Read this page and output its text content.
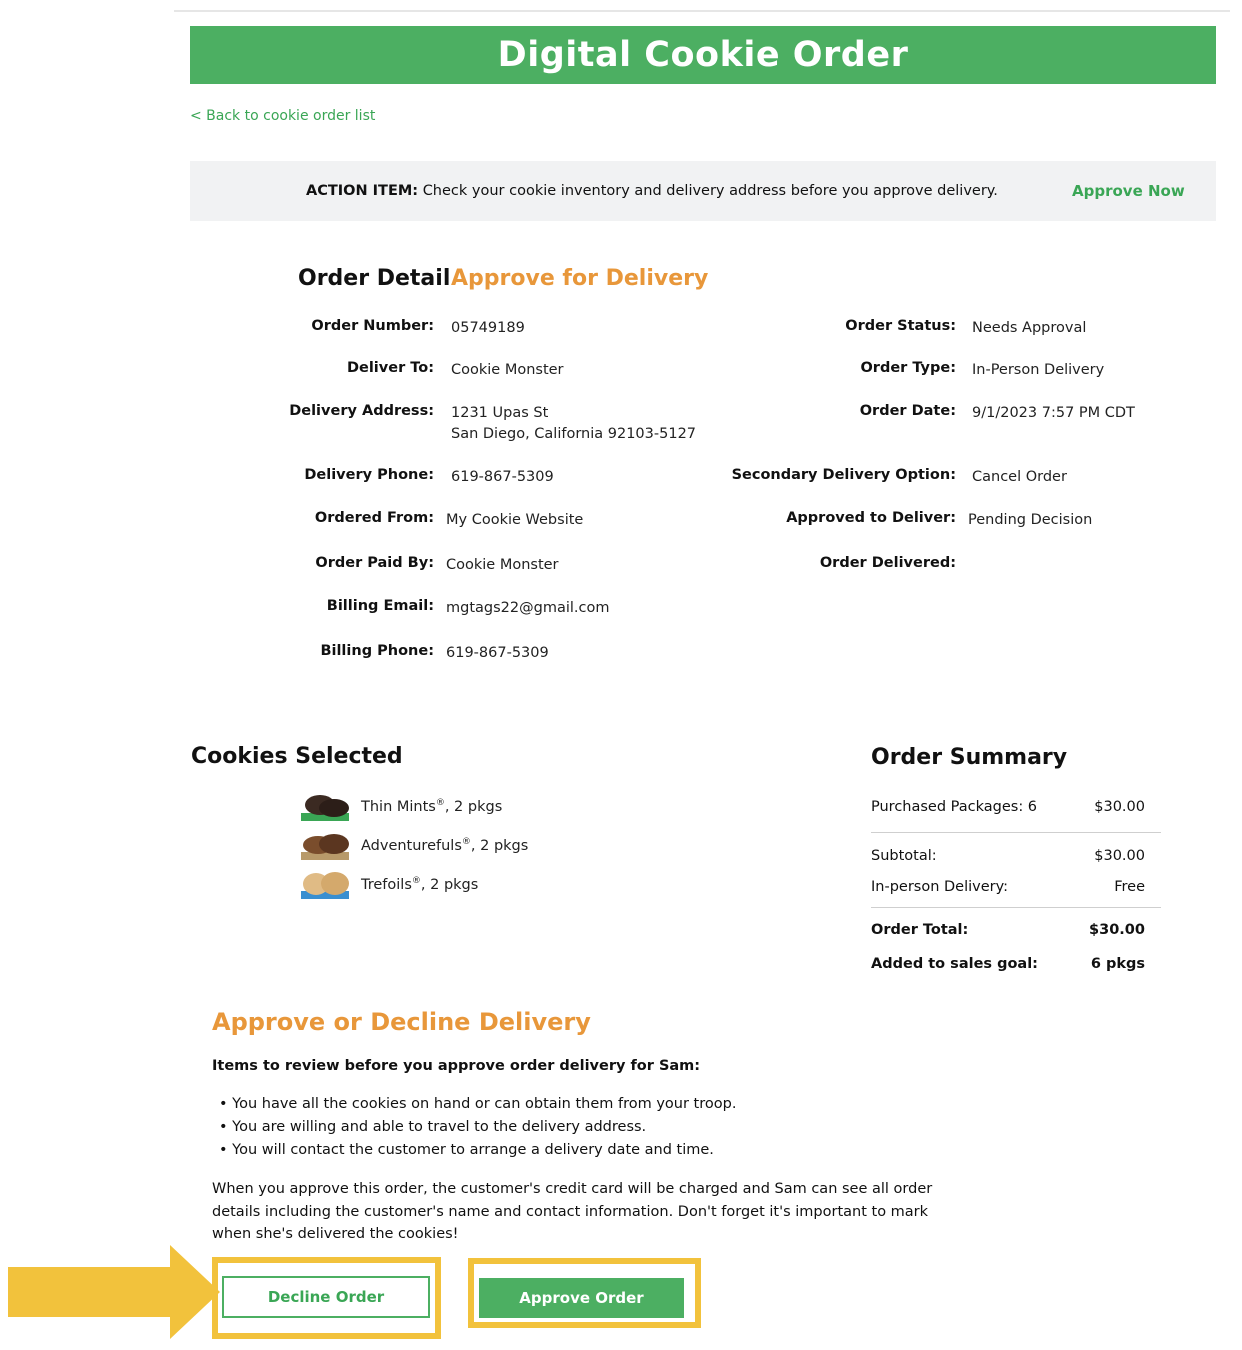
Digital Cookie Order
< Back to cookie order list
ACTION ITEM: Check your cookie inventory and delivery address before you approve delivery.	Approve Now
Order Detail Approve for Delivery
Order Number: 05749189
Deliver To: Cookie Monster
Delivery Address: 1231 Upas St
San Diego, California 92103-5127
Delivery Phone: 619-867-5309
Ordered From: My Cookie Website
Order Paid By: Cookie Monster
Billing Email: mgtags22@gmail.com
Billing Phone: 619-867-5309
Order Status: Needs Approval
Order Type: In-Person Delivery
Order Date: 9/1/2023 7:57 PM CDT
Secondary Delivery Option: Cancel Order
Approved to Deliver: Pending Decision
Order Delivered:
Cookies Selected
Thin Mints®, 2 pkgs
Adventurefuls®, 2 pkgs
Trefoils®, 2 pkgs
Order Summary
Purchased Packages: 6	$30.00
Subtotal:	$30.00
In-person Delivery:	Free
Order Total:	$30.00
Added to sales goal:	6 pkgs
Approve or Decline Delivery
Items to review before you approve order delivery for Sam:
• You have all the cookies on hand or can obtain them from your troop.
• You are willing and able to travel to the delivery address.
• You will contact the customer to arrange a delivery date and time.
When you approve this order, the customer's credit card will be charged and Sam can see all order details including the customer's name and contact information. Don't forget it's important to mark when she's delivered the cookies!
Decline Order	Approve Order
